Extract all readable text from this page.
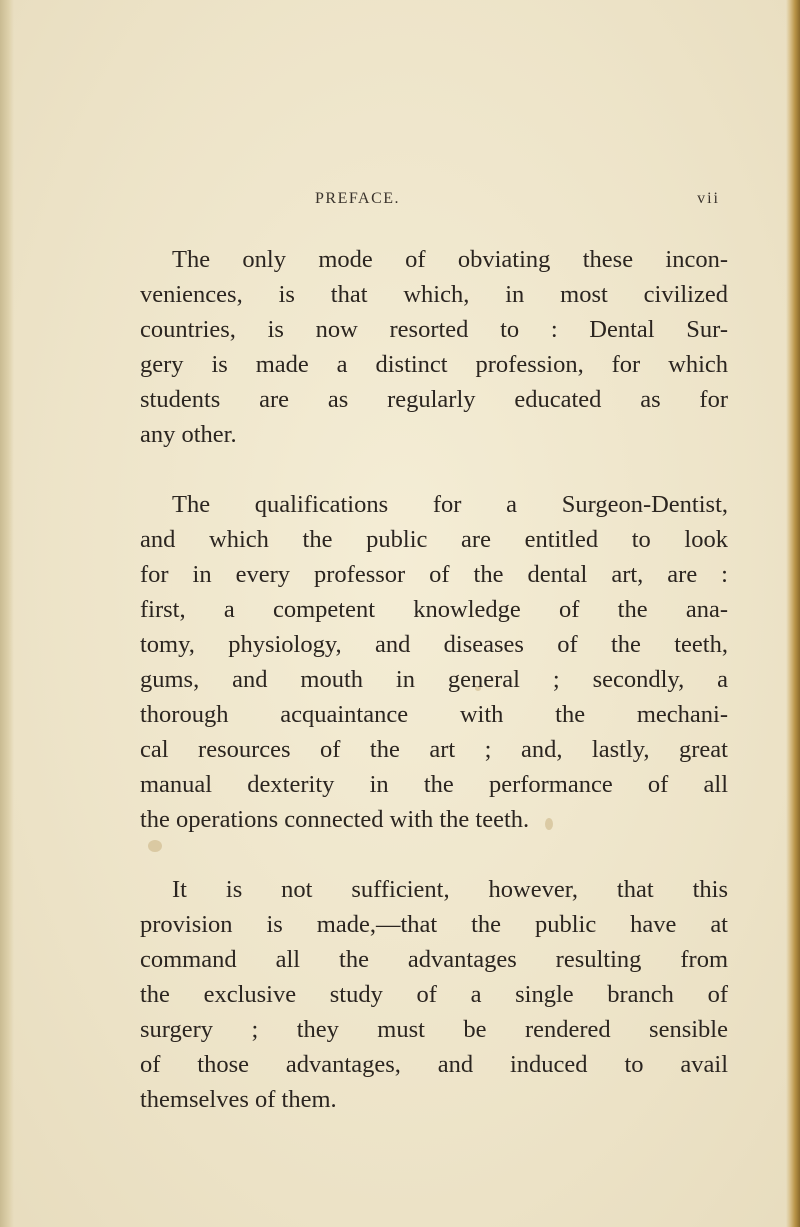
PREFACE.	vii

The only mode of obviating these incon-
veniences, is that which, in most civilized
countries, is now resorted to : Dental Sur-
gery is made a distinct profession, for which
students are as regularly educated as for
any other.

The qualifications for a Surgeon-Dentist,
and which the public are entitled to look
for in every professor of the dental art, are :
first, a competent knowledge of the ana-
tomy, physiology, and diseases of the teeth,
gums, and mouth in general ; secondly, a
thorough acquaintance with the mechani-
cal resources of the art ; and, lastly, great
manual dexterity in the performance of all
the operations connected with the teeth.

It is not sufficient, however, that this
provision is made,—that the public have at
command all the advantages resulting from
the exclusive study of a single branch of
surgery ; they must be rendered sensible
of those advantages, and induced to avail
themselves of them.
